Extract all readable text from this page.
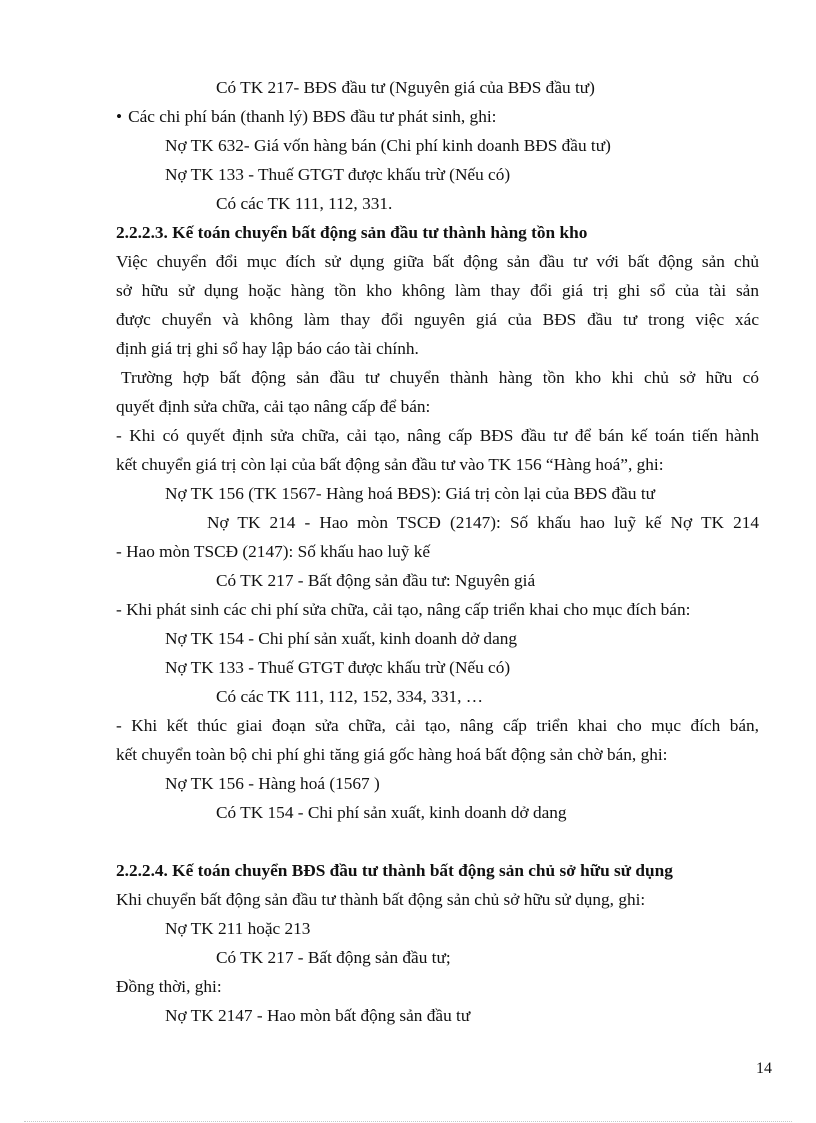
Có TK 217- BĐS đầu tư (Nguyên giá của BĐS đầu tư)
• Các chi phí bán (thanh lý) BĐS đầu tư phát sinh, ghi:
Nợ TK 632- Giá vốn hàng bán (Chi phí kinh doanh BĐS đầu tư)
Nợ TK 133 - Thuế GTGT được khấu trừ (Nếu có)
Có các TK 111, 112, 331.
2.2.2.3. Kế toán chuyển bất động sản đầu tư thành hàng tồn kho
Việc chuyển đổi mục đích sử dụng giữa bất động sản đầu tư với bất động sản chủ
sở hữu sử dụng hoặc hàng tồn kho không làm thay đổi giá trị ghi sổ của tài sản
được chuyển và không làm thay đổi nguyên giá của BĐS đầu tư trong việc xác
định giá trị ghi sổ hay lập báo cáo tài chính.
Trường hợp bất động sản đầu tư chuyển thành hàng tồn kho khi chủ sở hữu có
quyết định sửa chữa, cải tạo nâng cấp để bán:
- Khi có quyết định sửa chữa, cải tạo, nâng cấp BĐS đầu tư để bán kế toán tiến hành
kết chuyển giá trị còn lại của bất động sản đầu tư vào TK 156 “Hàng hoá”, ghi:
Nợ TK 156 (TK 1567- Hàng hoá BĐS): Giá trị còn lại của BĐS đầu tư
Nợ TK 214 - Hao mòn TSCĐ (2147): Số khấu hao luỹ kế Nợ TK 214
- Hao mòn TSCĐ (2147): Số khấu hao luỹ kế
Có TK 217 - Bất động sản đầu tư: Nguyên giá
- Khi phát sinh các chi phí sửa chữa, cải tạo, nâng cấp triển khai cho mục đích bán:
Nợ TK 154 - Chi phí sản xuất, kinh doanh dở dang
Nợ TK 133 - Thuế GTGT được khấu trừ (Nếu có)
Có các TK 111, 112, 152, 334, 331, …
- Khi kết thúc giai đoạn sửa chữa, cải tạo, nâng cấp triển khai cho mục đích bán,
kết chuyển toàn bộ chi phí ghi tăng giá gốc hàng hoá bất động sản chờ bán, ghi:
Nợ TK 156 - Hàng hoá (1567 )
Có TK 154 - Chi phí sản xuất, kinh doanh dở dang
2.2.2.4. Kế toán chuyển BĐS đầu tư thành bất động sản chủ sở hữu sử dụng
Khi chuyển bất động sản đầu tư thành bất động sản chủ sở hữu sử dụng, ghi:
Nợ TK 211 hoặc 213
Có TK 217 - Bất động sản đầu tư;
Đồng thời, ghi:
Nợ TK 2147 - Hao mòn bất động sản đầu tư
14
